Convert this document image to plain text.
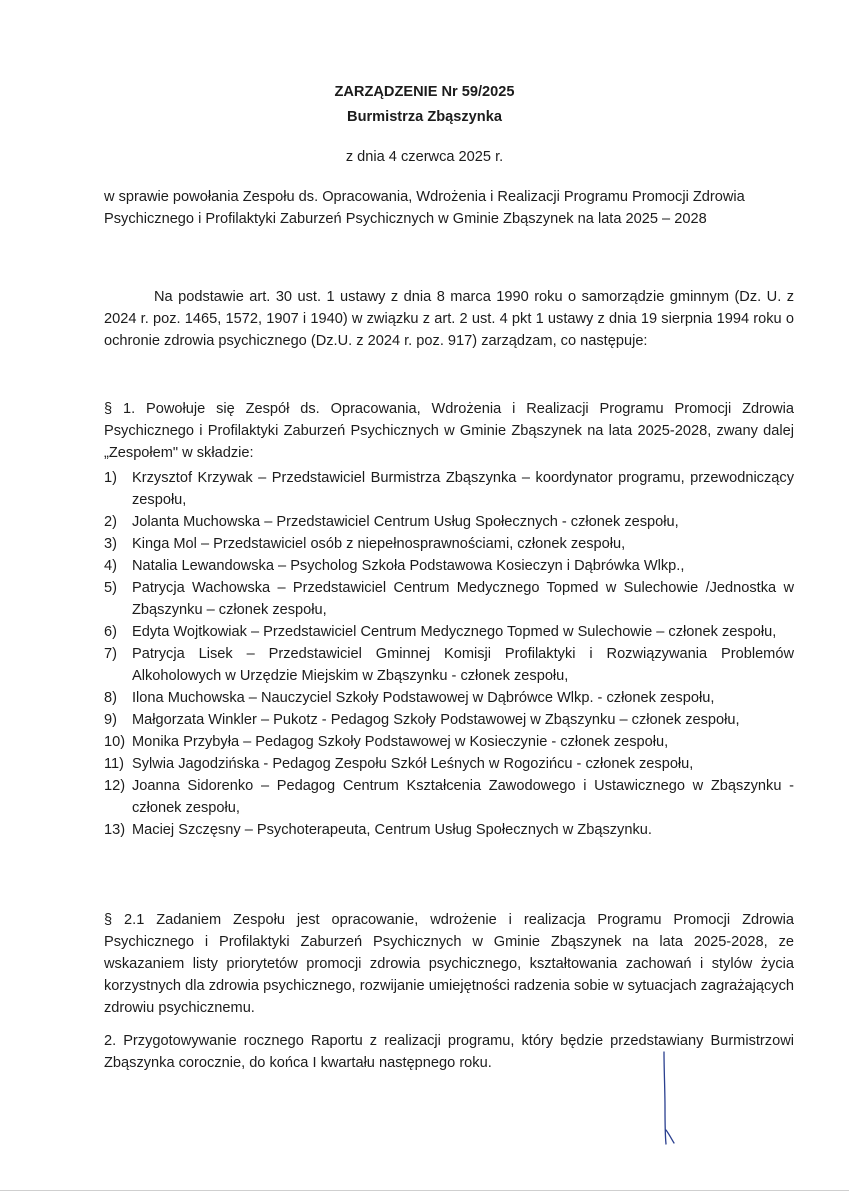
ZARZĄDZENIE Nr 59/2025
Burmistrza Zbąszynka
z dnia 4 czerwca 2025 r.
w sprawie powołania Zespołu ds. Opracowania, Wdrożenia i Realizacji Programu Promocji Zdrowia
Psychicznego i Profilaktyki Zaburzeń Psychicznych w Gminie Zbąszynek na lata 2025 – 2028
Na podstawie art. 30 ust. 1 ustawy z dnia 8 marca 1990 roku o samorządzie gminnym (Dz. U. z 2024 r. poz. 1465, 1572, 1907 i 1940) w związku z art. 2 ust. 4 pkt 1 ustawy z dnia 19 sierpnia 1994 roku o ochronie zdrowia psychicznego (Dz.U. z 2024 r. poz. 917) zarządzam, co następuje:
§ 1. Powołuje się Zespół ds. Opracowania, Wdrożenia i Realizacji Programu Promocji Zdrowia Psychicznego i Profilaktyki Zaburzeń Psychicznych w Gminie Zbąszynek na lata 2025-2028, zwany dalej „Zespołem" w składzie:
1) Krzysztof Krzywak – Przedstawiciel Burmistrza Zbąszynka – koordynator programu, przewodniczący zespołu,
2) Jolanta Muchowska – Przedstawiciel Centrum Usług Społecznych - członek zespołu,
3) Kinga Mol – Przedstawiciel osób z niepełnosprawnościami, członek zespołu,
4) Natalia Lewandowska – Psycholog Szkoła Podstawowa Kosieczyn i Dąbrówka Wlkp.,
5) Patrycja Wachowska – Przedstawiciel Centrum Medycznego Topmed w Sulechowie /Jednostka w Zbąszynku – członek zespołu,
6) Edyta Wojtkowiak – Przedstawiciel Centrum Medycznego Topmed w Sulechowie – członek zespołu,
7) Patrycja Lisek – Przedstawiciel Gminnej Komisji Profilaktyki i Rozwiązywania Problemów Alkoholowych w Urzędzie Miejskim w Zbąszynku - członek zespołu,
8) Ilona Muchowska – Nauczyciel Szkoły Podstawowej w Dąbrówce Wlkp. - członek zespołu,
9) Małgorzata Winkler – Pukotz - Pedagog Szkoły Podstawowej w Zbąszynku – członek zespołu,
10) Monika Przybyła – Pedagog Szkoły Podstawowej w Kosieczynie - członek zespołu,
11) Sylwia Jagodzińska - Pedagog Zespołu Szkół Leśnych w Rogozińcu - członek zespołu,
12) Joanna Sidorenko – Pedagog Centrum Kształcenia Zawodowego i Ustawicznego w Zbąszynku - członek zespołu,
13) Maciej Szczęsny – Psychoterapeuta, Centrum Usług Społecznych w Zbąszynku.
§ 2.1 Zadaniem Zespołu jest opracowanie, wdrożenie i realizacja Programu Promocji Zdrowia Psychicznego i Profilaktyki Zaburzeń Psychicznych w Gminie Zbąszynek na lata 2025-2028, ze wskazaniem listy priorytetów promocji zdrowia psychicznego, kształtowania zachowań i stylów życia korzystnych dla zdrowia psychicznego, rozwijanie umiejętności radzenia sobie w sytuacjach zagrażających zdrowiu psychicznemu.
2. Przygotowywanie rocznego Raportu z realizacji programu, który będzie przedstawiany Burmistrzowi Zbąszynka corocznie, do końca I kwartału następnego roku.
